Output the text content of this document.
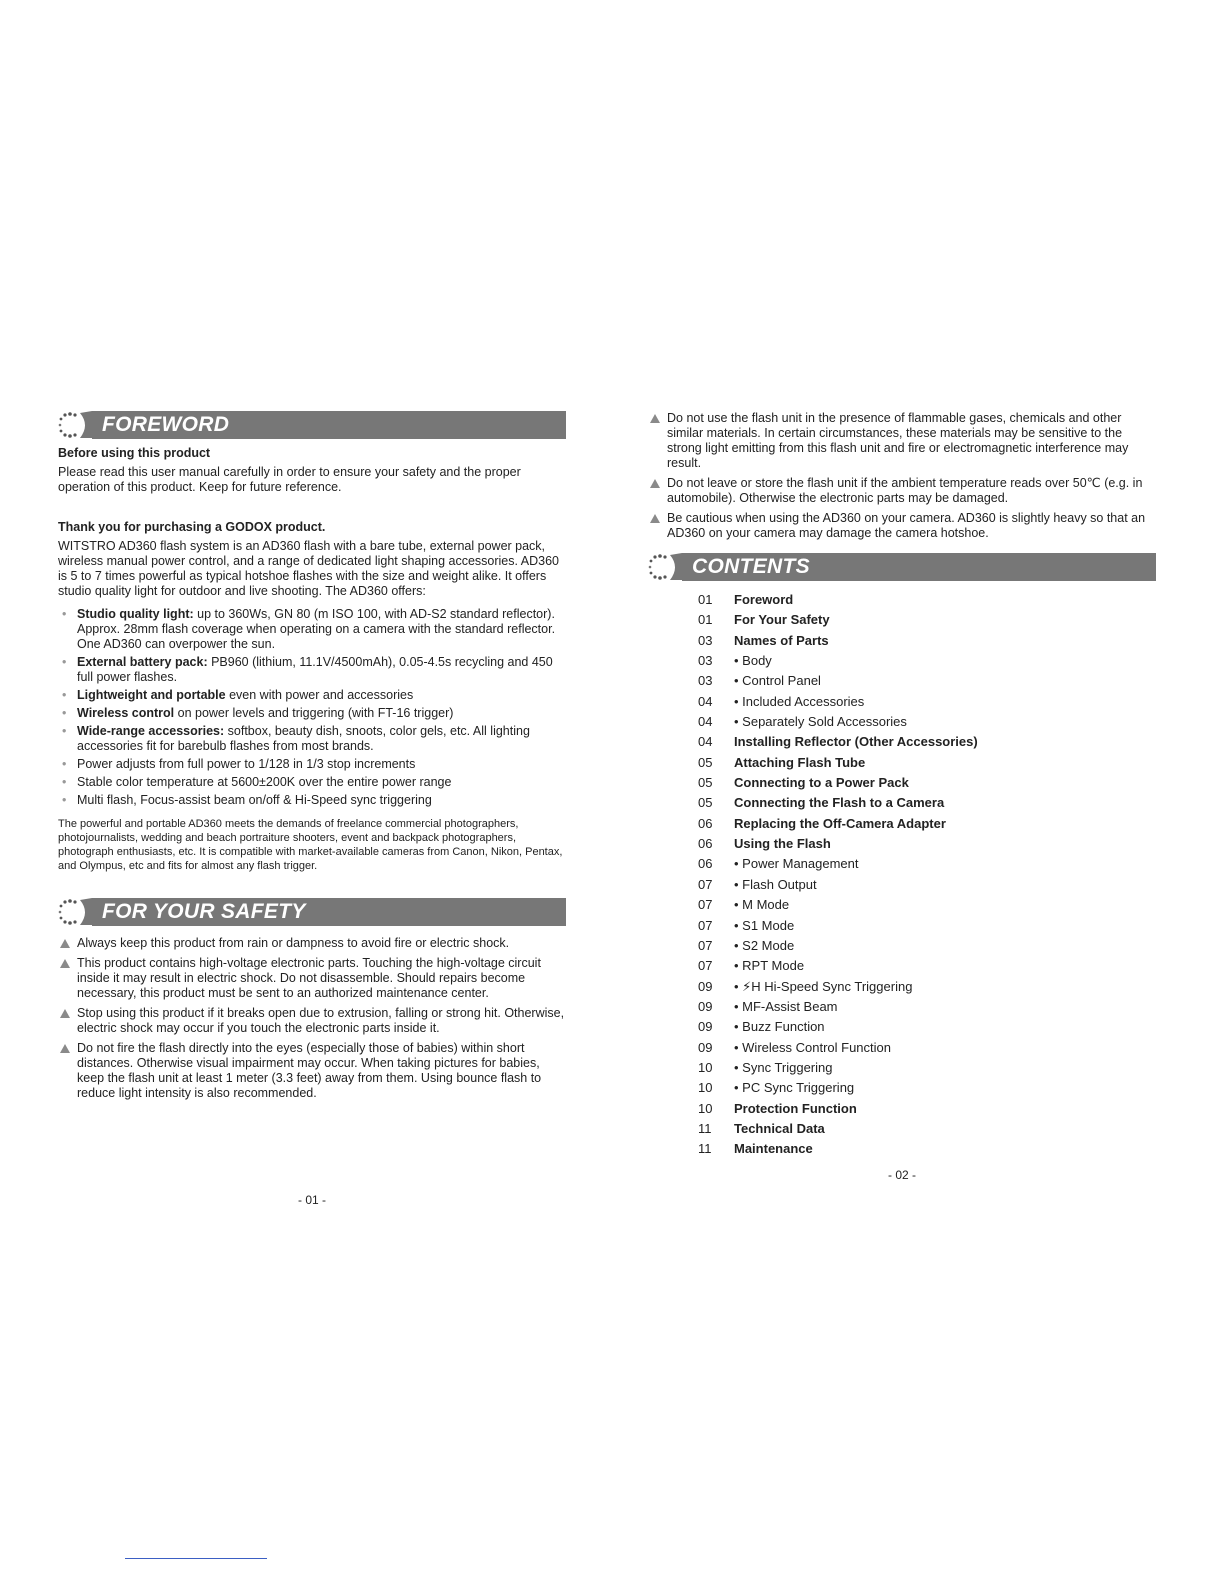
FOREWORD

Before using this product

Please read this user manual carefully in order to ensure your safety and the proper operation of this product. Keep for future reference.

Thank you for purchasing a GODOX product.

WITSTRO AD360 flash system is an AD360 flash with a bare tube, external power pack, wireless manual power control, and a range of dedicated light shaping accessories. AD360 is 5 to 7 times powerful as typical hotshoe flashes with the size and weight alike. It offers studio quality light for outdoor and live shooting. The AD360 offers:

• Studio quality light: up to 360Ws, GN 80 (m ISO 100, with AD-S2 standard reflector). Approx. 28mm flash coverage when operating on a camera with the standard reflector. One AD360 can overpower the sun.
• External battery pack: PB960 (lithium, 11.1V/4500mAh), 0.05-4.5s recycling and 450 full power flashes.
• Lightweight and portable even with power and accessories
• Wireless control on power levels and triggering (with FT-16 trigger)
• Wide-range accessories: softbox, beauty dish, snoots, color gels, etc. All lighting accessories fit for barebulb flashes from most brands.
• Power adjusts from full power to 1/128 in 1/3 stop increments
• Stable color temperature at 5600±200K over the entire power range
• Multi flash, Focus-assist beam on/off & Hi-Speed sync triggering

The powerful and portable AD360 meets the demands of freelance commercial photographers, photojournalists, wedding and beach portraiture shooters, event and backpack photographers, photograph enthusiasts, etc. It is compatible with market-available cameras from Canon, Nikon, Pentax, and Olympus, etc and fits for almost any flash trigger.

FOR YOUR SAFETY
Always keep this product from rain or dampness to avoid fire or electric shock.
This product contains high-voltage electronic parts. Touching the high-voltage circuit inside it may result in electric shock. Do not disassemble. Should repairs become necessary, this product must be sent to an authorized maintenance center.
Stop using this product if it breaks open due to extrusion, falling or strong hit. Otherwise, electric shock may occur if you touch the electronic parts inside it.
Do not fire the flash directly into the eyes (especially those of babies) within short distances. Otherwise visual impairment may occur. When taking pictures for babies, keep the flash unit at least 1 meter (3.3 feet) away from them. Using bounce flash to reduce light intensity is also recommended.
- 01 -
Do not use the flash unit in the presence of flammable gases, chemicals and other similar materials. In certain circumstances, these materials may be sensitive to the strong light emitting from this flash unit and fire or electromagnetic interference may result.
Do not leave or store the flash unit if the ambient temperature reads over 50℃ (e.g. in automobile). Otherwise the electronic parts may be damaged.
Be cautious when using the AD360 on your camera. AD360 is slightly heavy so that an AD360 on your camera may damage the camera hotshoe.
CONTENTS
01 Foreword
01 For Your Safety
03 Names of Parts
03 • Body
03 • Control Panel
04 • Included Accessories
04 • Separately Sold Accessories
04 Installing Reflector (Other Accessories)
05 Attaching Flash Tube
05 Connecting to a Power Pack
05 Connecting the Flash to a Camera
06 Replacing the Off-Camera Adapter
06 Using the Flash
06 • Power Management
07 • Flash Output
07 • M Mode
07 • S1 Mode
07 • S2 Mode
07 • RPT Mode
09 • ⚡H Hi-Speed Sync Triggering
09 • MF-Assist Beam
09 • Buzz Function
09 • Wireless Control Function
10 • Sync Triggering
10 • PC Sync Triggering
10 Protection Function
11 Technical Data
11 Maintenance
- 02 -
